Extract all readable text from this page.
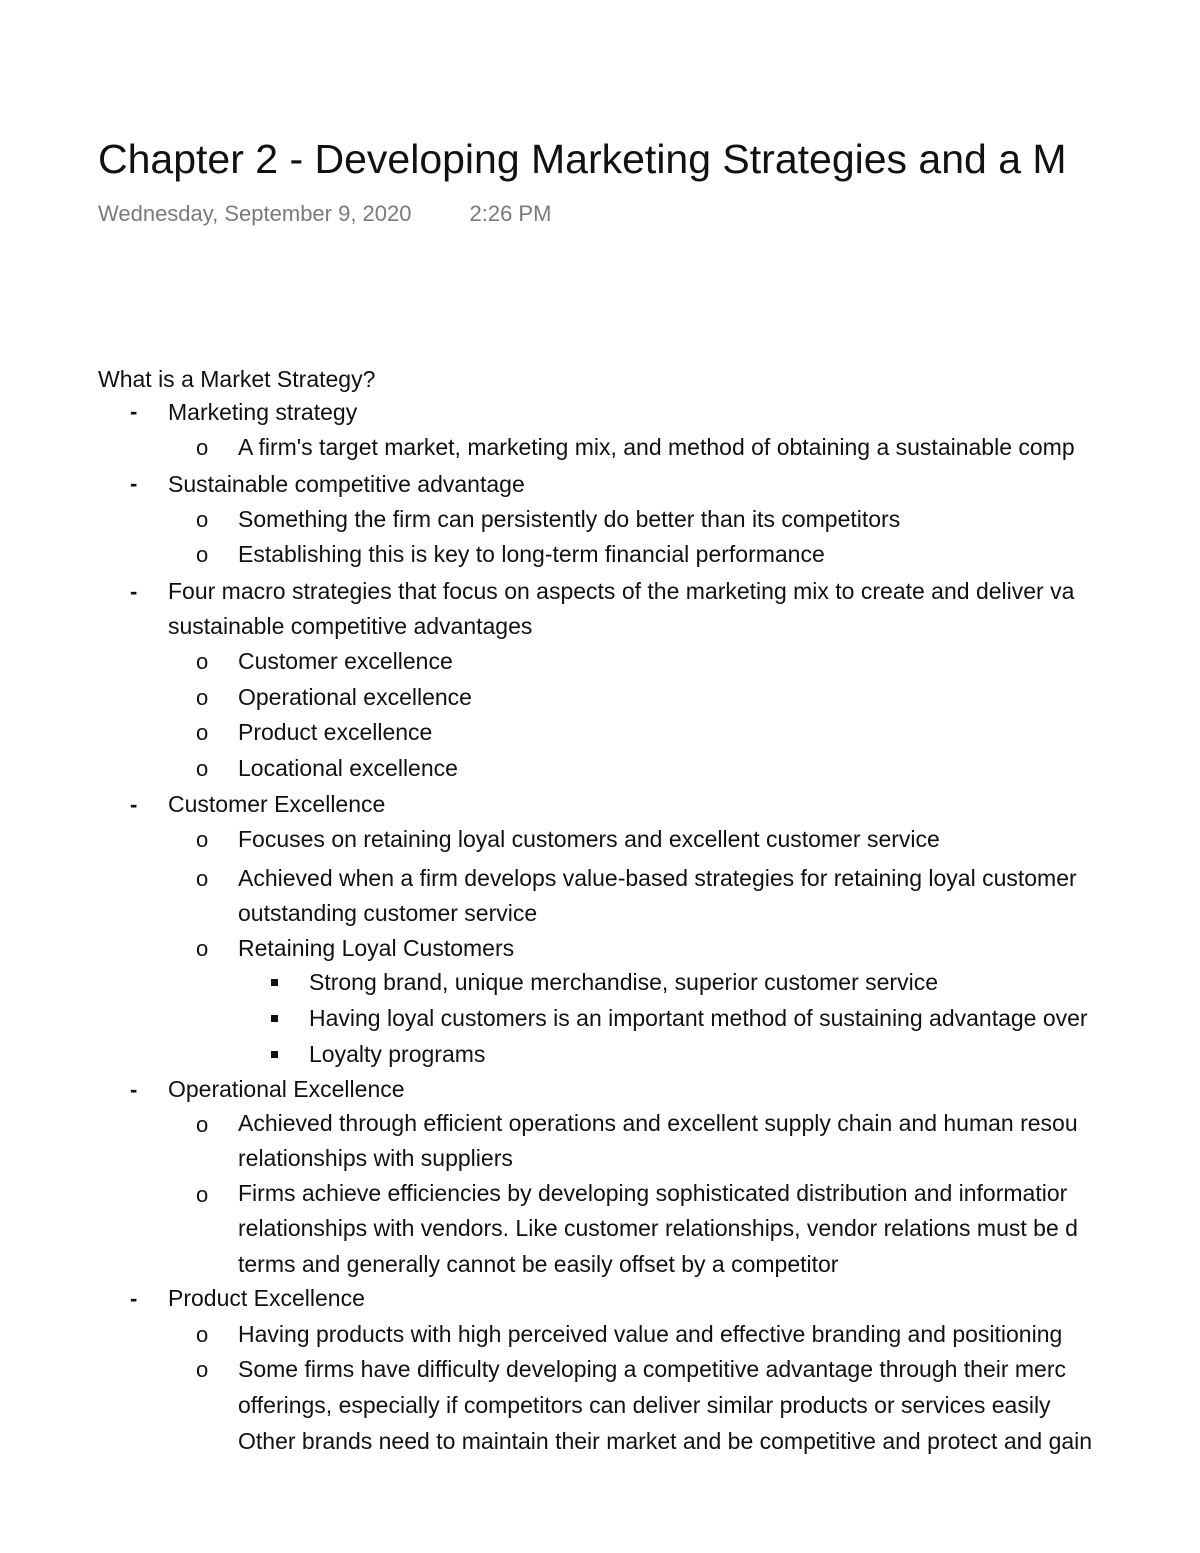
Chapter 2 - Developing Marketing Strategies and a M
Wednesday, September 9, 2020	2:26 PM
What is a Market Strategy?
- Marketing strategy
o A firm's target market, marketing mix, and method of obtaining a sustainable comp
- Sustainable competitive advantage
o Something the firm can persistently do better than its competitors
o Establishing this is key to long-term financial performance
- Four macro strategies that focus on aspects of the marketing mix to create and deliver va
sustainable competitive advantages
o Customer excellence
o Operational excellence
o Product excellence
o Locational excellence
- Customer Excellence
o Focuses on retaining loyal customers and excellent customer service
o Achieved when a firm develops value-based strategies for retaining loyal customer
outstanding customer service
o Retaining Loyal Customers
Strong brand, unique merchandise, superior customer service
Having loyal customers is an important method of sustaining advantage over
Loyalty programs
- Operational Excellence
o Achieved through efficient operations and excellent supply chain and human resou
relationships with suppliers
o Firms achieve efficiencies by developing sophisticated distribution and informatior
relationships with vendors. Like customer relationships, vendor relations must be d
terms and generally cannot be easily offset by a competitor
- Product Excellence
o Having products with high perceived value and effective branding and positioning
o Some firms have difficulty developing a competitive advantage through their merc
offerings, especially if competitors can deliver similar products or services easily
Other brands need to maintain their market and be competitive and protect and gain
